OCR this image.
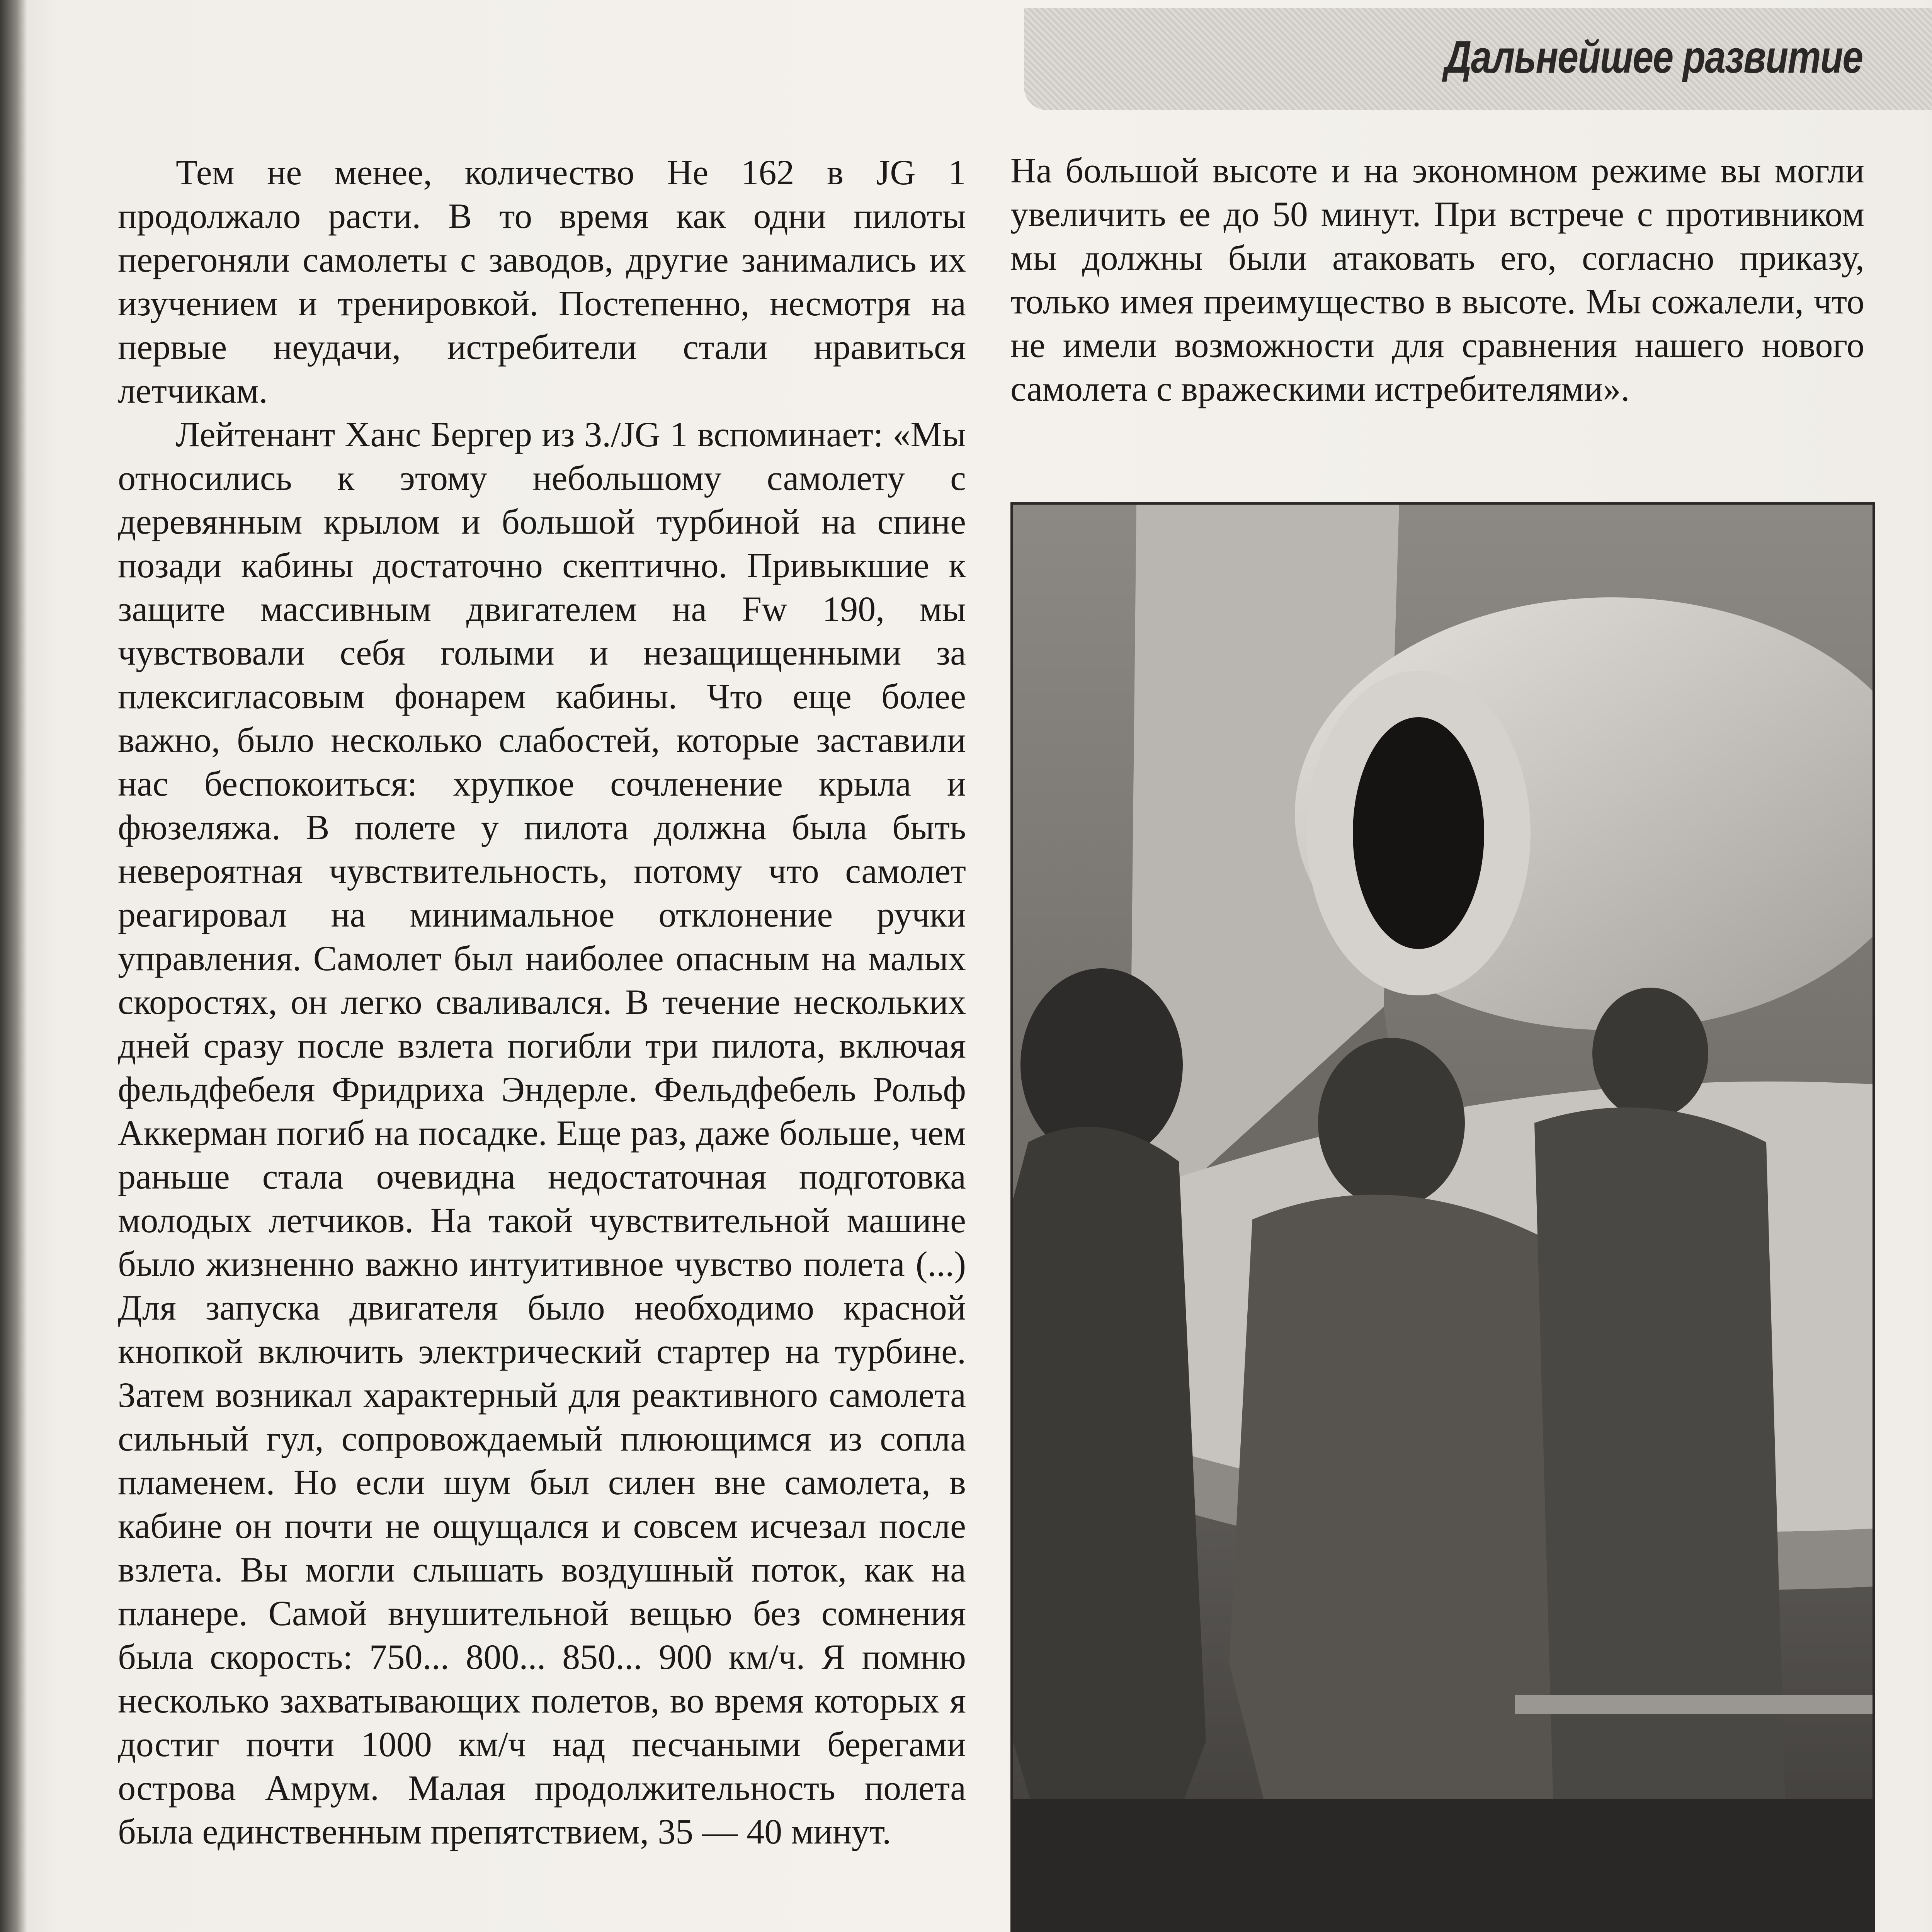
Дальнейшее развитие

Тем не менее, количество He 162 в JG 1 продолжало расти. В то время как одни пилоты перегоняли самолеты с заводов, другие занимались их изучением и тренировкой. Постепенно, несмотря на первые неудачи, истребители стали нравиться летчикам.

Лейтенант Ханс Бергер из 3./JG 1 вспоминает: «Мы относились к этому небольшому самолету с деревянным крылом и большой турбиной на спине позади кабины достаточно скептично. Привыкшие к защите массивным двигателем на Fw 190, мы чувствовали себя голыми и незащищенными за плексигласовым фонарем кабины. Что еще более важно, было несколько слабостей, которые заставили нас беспокоиться: хрупкое сочленение крыла и фюзеляжа. В полете у пилота должна была быть невероятная чувствительность, потому что самолет реагировал на минимальное отклонение ручки управления. Самолет был наиболее опасным на малых скоростях, он легко сваливался. В течение нескольких дней сразу после взлета погибли три пилота, включая фельдфебеля Фридриха Эндерле. Фельдфебель Рольф Аккерман погиб на посадке. Еще раз, даже больше, чем раньше стала очевидна недостаточная подготовка молодых летчиков. На такой чувствительной машине было жизненно важно интуитивное чувство полета (...) Для запуска двигателя было необходимо красной кнопкой включить электрический стартер на турбине. Затем возникал характерный для реактивного самолета сильный гул, сопровождаемый плюющимся из сопла пламенем. Но если шум был силен вне самолета, в кабине он почти не ощущался и совсем исчезал после взлета. Вы могли слышать воздушный поток, как на планере. Самой внушительной вещью без сомнения была скорость: 750... 800... 850... 900 км/ч. Я помню несколько захватывающих полетов, во время которых я достиг почти 1000 км/ч над песчаными берегами острова Амрум. Малая продолжительность полета была единственным препятствием, 35 — 40 минут.

На большой высоте и на экономном режиме вы могли увеличить ее до 50 минут. При встрече с противником мы должны были атаковать его, согласно приказу, только имея преимущество в высоте. Мы сожалели, что не имели возможности для сравнения нашего нового самолета с вражескими истребителями».
